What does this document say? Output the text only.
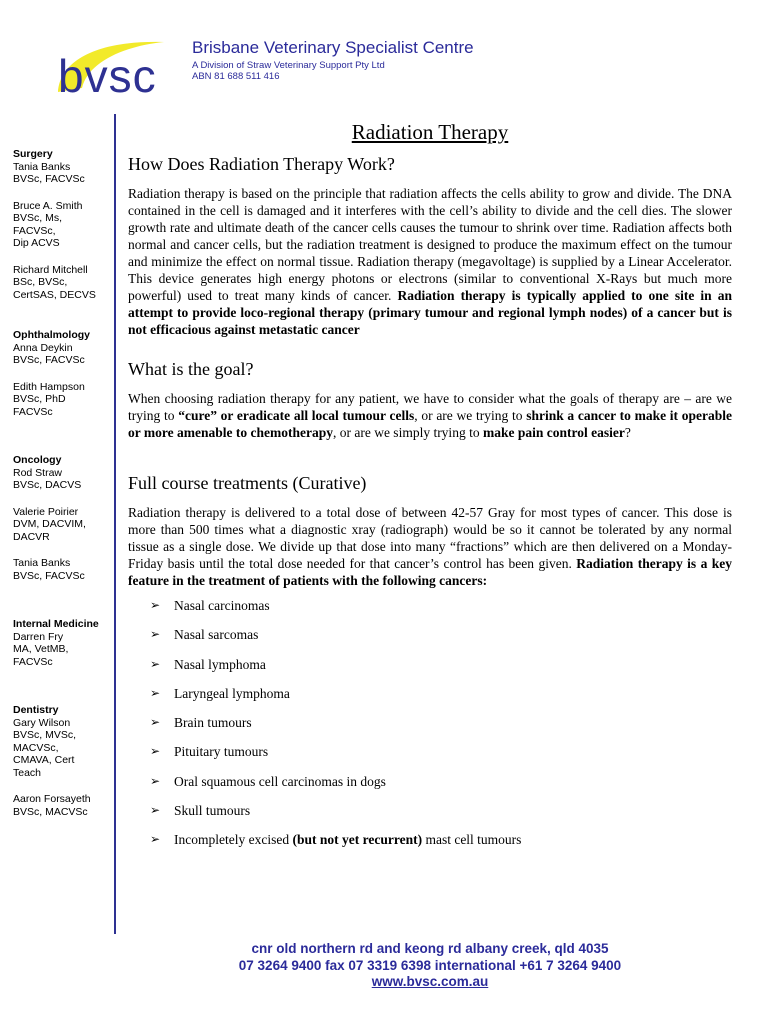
bvsc
Brisbane Veterinary Specialist Centre
A Division of Straw Veterinary Support Pty Ltd
ABN 81 688 511 416
Surgery
Tania Banks
BVSc, FACVSc
Bruce A. Smith
BVSc, Ms,
FACVSc,
Dip ACVS
Richard Mitchell
BSc, BVSc,
CertSAS, DECVS
Ophthalmology
Anna Deykin
BVSc, FACVSc
Edith Hampson
BVSc, PhD
FACVSc
Oncology
Rod Straw
BVSc, DACVS
Valerie Poirier
DVM, DACVIM,
DACVR
Tania Banks
BVSc, FACVSc
Internal Medicine
Darren Fry
MA, VetMB,
FACVSc
Dentistry
Gary Wilson
BVSc, MVSc,
MACVSc,
CMAVA, Cert
Teach
Aaron Forsayeth
BVSc, MACVSc
Radiation Therapy
How Does Radiation Therapy Work?

Radiation therapy is based on the principle that radiation affects the cells ability to grow and divide. The DNA contained in the cell is damaged and it interferes with the cell’s ability to divide and the cell dies. The slower growth rate and ultimate death of the cancer cells causes the tumour to shrink over time. Radiation affects both normal and cancer cells, but the radiation treatment is designed to produce the maximum effect on the tumour and minimize the effect on normal tissue. Radiation therapy (megavoltage) is supplied by a Linear Accelerator. This device generates high energy photons or electrons (similar to conventional X-Rays but much more powerful) used to treat many kinds of cancer. Radiation therapy is typically applied to one site in an attempt to provide loco-regional therapy (primary tumour and regional lymph nodes) of a cancer but is not efficacious against metastatic cancer

What is the goal?

When choosing radiation therapy for any patient, we have to consider what the goals of therapy are – are we trying to “cure” or eradicate all local tumour cells, or are we trying to shrink a cancer to make it operable or more amenable to chemotherapy, or are we simply trying to make pain control easier?

Full course treatments (Curative)

Radiation therapy is delivered to a total dose of between 42-57 Gray for most types of cancer. This dose is more than 500 times what a diagnostic xray (radiograph) would be so it cannot be tolerated by any normal tissue as a single dose. We divide up that dose into many “fractions” which are then delivered on a Monday-Friday basis until the total dose needed for that cancer’s control has been given. Radiation therapy is a key feature in the treatment of patients with the following cancers:

➢ Nasal carcinomas
➢ Nasal sarcomas
➢ Nasal lymphoma
➢ Laryngeal lymphoma
➢ Brain tumours
➢ Pituitary tumours
➢ Oral squamous cell carcinomas in dogs
➢ Skull tumours
➢ Incompletely excised (but not yet recurrent) mast cell tumours
cnr old northern rd and keong rd albany creek, qld 4035
07 3264 9400 fax 07 3319 6398 international +61 7 3264 9400
www.bvsc.com.au
